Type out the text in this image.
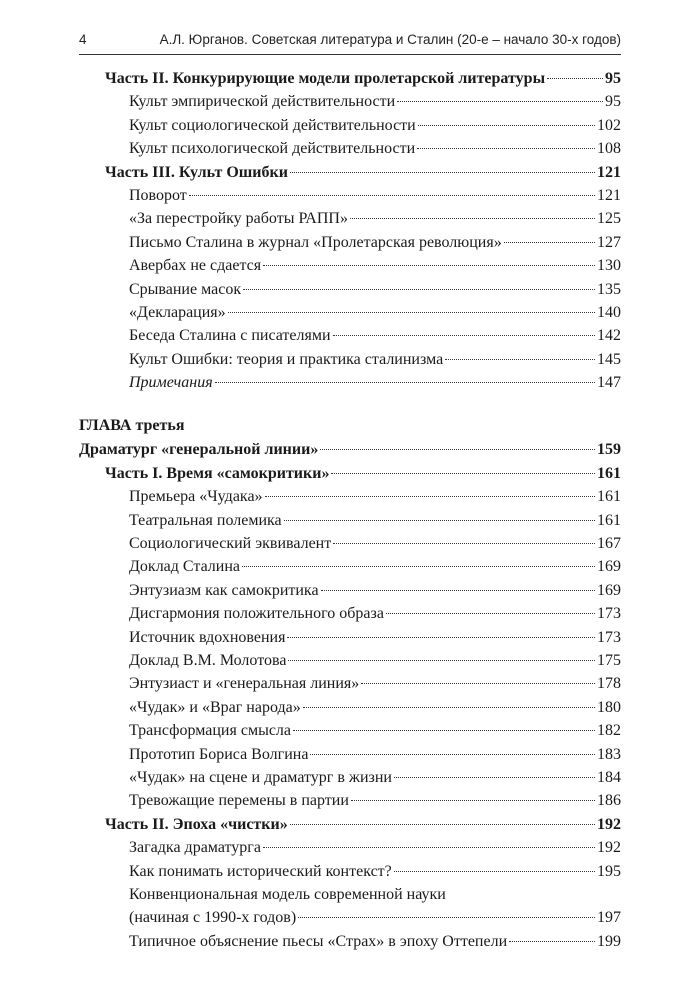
4	А.Л. Юрганов. Советская литература и Сталин (20-е – начало 30-х годов)
Часть II. Конкурирующие модели пролетарской литературы	95
Культ эмпирической действительности	95
Культ социологической действительности	102
Культ психологической действительности	108
Часть III. Культ Ошибки	121
Поворот	121
«За перестройку работы РАПП»	125
Письмо Сталина в журнал «Пролетарская революция»	127
Авербах не сдается	130
Срывание масок	135
«Декларация»	140
Беседа Сталина с писателями	142
Культ Ошибки: теория и практика сталинизма	145
Примечания	147
ГЛАВА третья
Драматург «генеральной линии»	159
Часть I. Время «самокритики»	161
Премьера «Чудака»	161
Театральная полемика	161
Социологический эквивалент	167
Доклад Сталина	169
Энтузиазм как самокритика	169
Дисгармония положительного образа	173
Источник вдохновения	173
Доклад В.М. Молотова	175
Энтузиаст и «генеральная линия»	178
«Чудак» и «Враг народа»	180
Трансформация смысла	182
Прототип Бориса Волгина	183
«Чудак» на сцене и драматург в жизни	184
Тревожащие перемены в партии	186
Часть II. Эпоха «чистки»	192
Загадка драматурга	192
Как понимать исторический контекст?	195
Конвенциональная модель современной науки
(начиная с 1990-х годов)	197
Типичное объяснение пьесы «Страх» в эпоху Оттепели	199
